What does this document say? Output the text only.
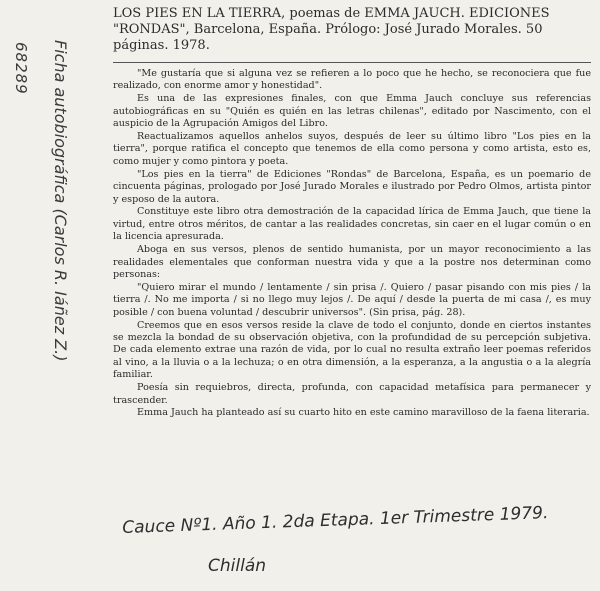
68289 Ficha autobiográfica (Carlos R. Iáñez Z.)
LOS PIES EN LA TIERRA, poemas de EMMA JAUCH. EDICIONES
"RONDAS", Barcelona, España. Prólogo: José Jurado Morales. 50
páginas. 1978.

"Me gustaría que si alguna vez se refieren a lo poco que he hecho, se reconociera que fue realizado, con enorme amor y honestidad".

Es una de las expresiones finales, con que Emma Jauch concluye sus referencias autobiográficas en su "Quién es quién en las letras chilenas", editado por Nascimento, con el auspicio de la Agrupación Amigos del Libro.

Reactualizamos aquellos anhelos suyos, después de leer su último libro "Los pies en la tierra", porque ratifica el concepto que tenemos de ella como persona y como artista, esto es, como mujer y como pintora y poeta.

"Los pies en la tierra" de Ediciones "Rondas" de Barcelona, España, es un poemario de cincuenta páginas, prologado por José Jurado Morales e ilustrado por Pedro Olmos, artista pintor y esposo de la autora.

Constituye este libro otra demostración de la capacidad lírica de Emma Jauch, que tiene la virtud, entre otros méritos, de cantar a las realidades concretas, sin caer en el lugar común o en la licencia apresurada.

Aboga en sus versos, plenos de sentido humanista, por un mayor reconocimiento a las realidades elementales que conforman nuestra vida y que a la postre nos determinan como personas:

"Quiero mirar el mundo / lentamente / sin prisa /. Quiero / pasar pisando con mis pies / la tierra /. No me importa / si no llego muy lejos /. De aquí / desde la puerta de mi casa /, es muy posible / con buena voluntad / descubrir universos". (Sin prisa, pág. 28).

Creemos que en esos versos reside la clave de todo el conjunto, donde en ciertos instantes se mezcla la bondad de su observación objetiva, con la profundidad de su percepción subjetiva. De cada elemento extrae una razón de vida, por lo cual no resulta extraño leer poemas referidos al vino, a la lluvia o a la lechuza; o en otra dimensión, a la esperanza, a la angustia o a la alegría familiar.

Poesía sin requiebros, directa, profunda, con capacidad metafísica para permanecer y trascender.

Emma Jauch ha planteado así su cuarto hito en este camino maravilloso de la faena literaria.

Cauce Nº1. Año 1. 2da Etapa. 1er Trimestre 1979.
Chillán
